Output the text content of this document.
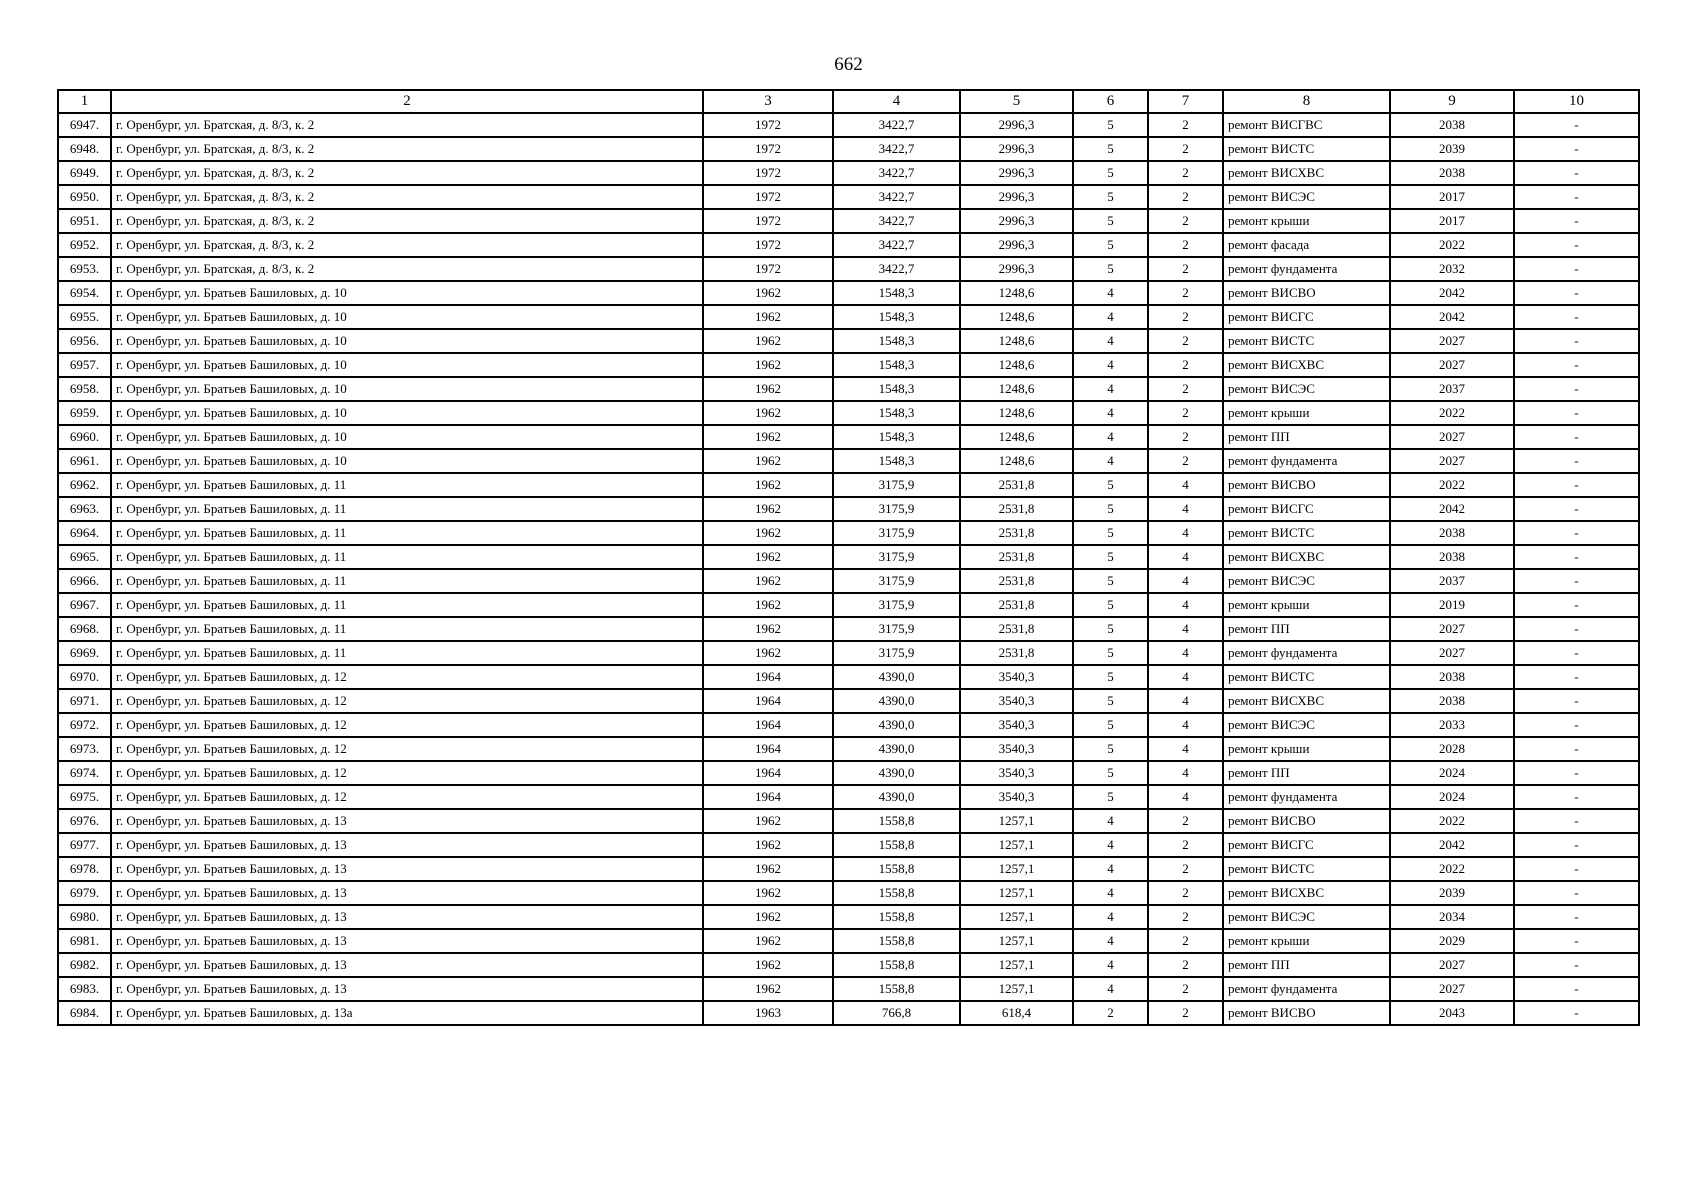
662
1	2	3	4	5	6	7	8	9	10
6947.	г. Оренбург, ул. Братская, д. 8/3, к. 2	1972	3422,7	2996,3	5	2	ремонт ВИСГВС	2038	-
6948.	г. Оренбург, ул. Братская, д. 8/3, к. 2	1972	3422,7	2996,3	5	2	ремонт ВИСТС	2039	-
6949.	г. Оренбург, ул. Братская, д. 8/3, к. 2	1972	3422,7	2996,3	5	2	ремонт ВИСХВС	2038	-
6950.	г. Оренбург, ул. Братская, д. 8/3, к. 2	1972	3422,7	2996,3	5	2	ремонт ВИСЭС	2017	-
6951.	г. Оренбург, ул. Братская, д. 8/3, к. 2	1972	3422,7	2996,3	5	2	ремонт крыши	2017	-
6952.	г. Оренбург, ул. Братская, д. 8/3, к. 2	1972	3422,7	2996,3	5	2	ремонт фасада	2022	-
6953.	г. Оренбург, ул. Братская, д. 8/3, к. 2	1972	3422,7	2996,3	5	2	ремонт фундамента	2032	-
6954.	г. Оренбург, ул. Братьев Башиловых, д. 10	1962	1548,3	1248,6	4	2	ремонт ВИСВО	2042	-
6955.	г. Оренбург, ул. Братьев Башиловых, д. 10	1962	1548,3	1248,6	4	2	ремонт ВИСГС	2042	-
6956.	г. Оренбург, ул. Братьев Башиловых, д. 10	1962	1548,3	1248,6	4	2	ремонт ВИСТС	2027	-
6957.	г. Оренбург, ул. Братьев Башиловых, д. 10	1962	1548,3	1248,6	4	2	ремонт ВИСХВС	2027	-
6958.	г. Оренбург, ул. Братьев Башиловых, д. 10	1962	1548,3	1248,6	4	2	ремонт ВИСЭС	2037	-
6959.	г. Оренбург, ул. Братьев Башиловых, д. 10	1962	1548,3	1248,6	4	2	ремонт крыши	2022	-
6960.	г. Оренбург, ул. Братьев Башиловых, д. 10	1962	1548,3	1248,6	4	2	ремонт ПП	2027	-
6961.	г. Оренбург, ул. Братьев Башиловых, д. 10	1962	1548,3	1248,6	4	2	ремонт фундамента	2027	-
6962.	г. Оренбург, ул. Братьев Башиловых, д. 11	1962	3175,9	2531,8	5	4	ремонт ВИСВО	2022	-
6963.	г. Оренбург, ул. Братьев Башиловых, д. 11	1962	3175,9	2531,8	5	4	ремонт ВИСГС	2042	-
6964.	г. Оренбург, ул. Братьев Башиловых, д. 11	1962	3175,9	2531,8	5	4	ремонт ВИСТС	2038	-
6965.	г. Оренбург, ул. Братьев Башиловых, д. 11	1962	3175,9	2531,8	5	4	ремонт ВИСХВС	2038	-
6966.	г. Оренбург, ул. Братьев Башиловых, д. 11	1962	3175,9	2531,8	5	4	ремонт ВИСЭС	2037	-
6967.	г. Оренбург, ул. Братьев Башиловых, д. 11	1962	3175,9	2531,8	5	4	ремонт крыши	2019	-
6968.	г. Оренбург, ул. Братьев Башиловых, д. 11	1962	3175,9	2531,8	5	4	ремонт ПП	2027	-
6969.	г. Оренбург, ул. Братьев Башиловых, д. 11	1962	3175,9	2531,8	5	4	ремонт фундамента	2027	-
6970.	г. Оренбург, ул. Братьев Башиловых, д. 12	1964	4390,0	3540,3	5	4	ремонт ВИСТС	2038	-
6971.	г. Оренбург, ул. Братьев Башиловых, д. 12	1964	4390,0	3540,3	5	4	ремонт ВИСХВС	2038	-
6972.	г. Оренбург, ул. Братьев Башиловых, д. 12	1964	4390,0	3540,3	5	4	ремонт ВИСЭС	2033	-
6973.	г. Оренбург, ул. Братьев Башиловых, д. 12	1964	4390,0	3540,3	5	4	ремонт крыши	2028	-
6974.	г. Оренбург, ул. Братьев Башиловых, д. 12	1964	4390,0	3540,3	5	4	ремонт ПП	2024	-
6975.	г. Оренбург, ул. Братьев Башиловых, д. 12	1964	4390,0	3540,3	5	4	ремонт фундамента	2024	-
6976.	г. Оренбург, ул. Братьев Башиловых, д. 13	1962	1558,8	1257,1	4	2	ремонт ВИСВО	2022	-
6977.	г. Оренбург, ул. Братьев Башиловых, д. 13	1962	1558,8	1257,1	4	2	ремонт ВИСГС	2042	-
6978.	г. Оренбург, ул. Братьев Башиловых, д. 13	1962	1558,8	1257,1	4	2	ремонт ВИСТС	2022	-
6979.	г. Оренбург, ул. Братьев Башиловых, д. 13	1962	1558,8	1257,1	4	2	ремонт ВИСХВС	2039	-
6980.	г. Оренбург, ул. Братьев Башиловых, д. 13	1962	1558,8	1257,1	4	2	ремонт ВИСЭС	2034	-
6981.	г. Оренбург, ул. Братьев Башиловых, д. 13	1962	1558,8	1257,1	4	2	ремонт крыши	2029	-
6982.	г. Оренбург, ул. Братьев Башиловых, д. 13	1962	1558,8	1257,1	4	2	ремонт ПП	2027	-
6983.	г. Оренбург, ул. Братьев Башиловых, д. 13	1962	1558,8	1257,1	4	2	ремонт фундамента	2027	-
6984.	г. Оренбург, ул. Братьев Башиловых, д. 13а	1963	766,8	618,4	2	2	ремонт ВИСВО	2043	-
